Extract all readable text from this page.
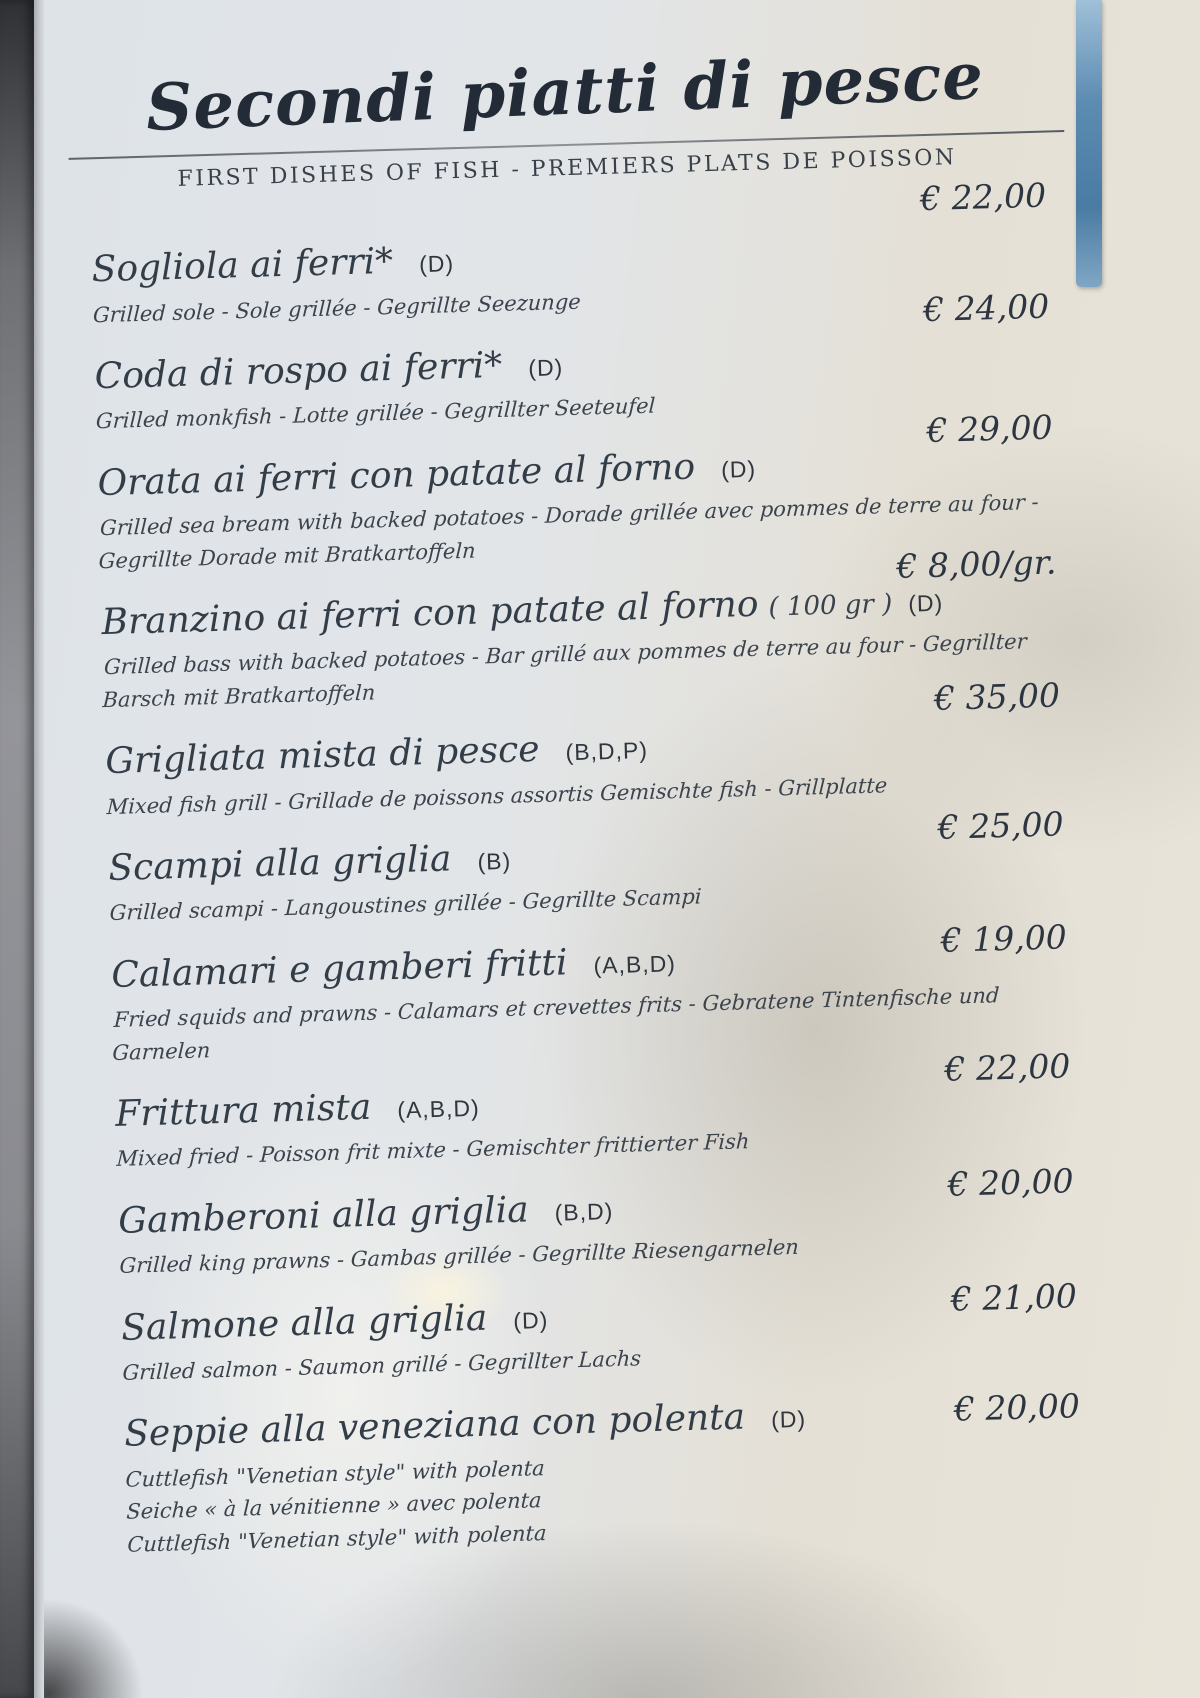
Secondi piatti di pesce
FIRST DISHES OF FISH - PREMIERS PLATS DE POISSON
Sogliola ai ferri* (D)
€ 22,00
Grilled sole - Sole grillée - Gegrillte Seezunge
Coda di rospo ai ferri* (D)
€ 24,00
Grilled monkfish - Lotte grillée - Gegrillter Seeteufel
Orata ai ferri con patate al forno (D)
€ 29,00
Grilled sea bream with backed potatoes - Dorade grillée avec pommes de terre au four - Gegrillte Dorade mit Bratkartoffeln
Branzino ai ferri con patate al forno ( 100 gr ) (D)
€ 8,00/gr.
Grilled bass with backed potatoes - Bar grillé aux pommes de terre au four - Gegrillter Barsch mit Bratkartoffeln
Grigliata mista di pesce (B,D,P)
€ 35,00
Mixed fish grill - Grillade de poissons assortis Gemischte fish - Grillplatte
Scampi alla griglia (B)
€ 25,00
Grilled scampi - Langoustines grillée - Gegrillte Scampi
Calamari e gamberi fritti (A,B,D)
€ 19,00
Fried squids and prawns - Calamars et crevettes frits - Gebratene Tintenfische und Garnelen
Frittura mista (A,B,D)
€ 22,00
Mixed fried - Poisson frit mixte - Gemischter frittierter Fish
Gamberoni alla griglia (B,D)
€ 20,00
Grilled king prawns - Gambas grillée - Gegrillte Riesengarnelen
Salmone alla griglia (D)
€ 21,00
Grilled salmon - Saumon grillé - Gegrillter Lachs
Seppie alla veneziana con polenta (D)	€ 20,00
Cuttlefish "Venetian style" with polenta
Seiche « à la vénitienne » avec polenta
Cuttlefish "Venetian style" with polenta
